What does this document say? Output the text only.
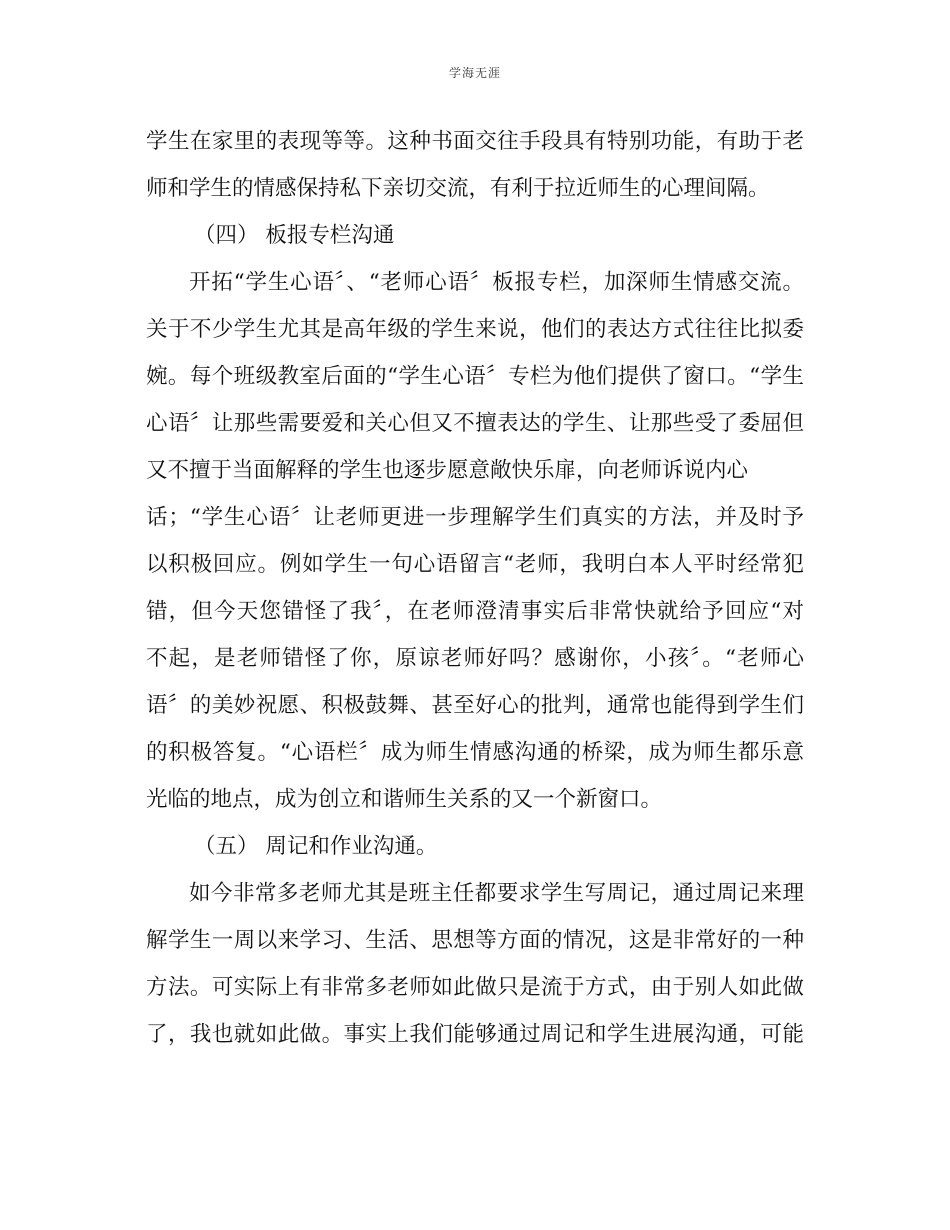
学海无涯
学生在家里的表现等等。这种书面交往手段具有特别功能，有助于老
师和学生的情感保持私下亲切交流，有利于拉近师生的心理间隔。
（四） 板报专栏沟通
开拓“学生心语〞、“老师心语〞板报专栏，加深师生情感交流。
关于不少学生尤其是高年级的学生来说，他们的表达方式往往比拟委
婉。每个班级教室后面的“学生心语〞专栏为他们提供了窗口。“学生
心语〞让那些需要爱和关心但又不擅表达的学生、让那些受了委屈但
又不擅于当面解释的学生也逐步愿意敞快乐扉，向老师诉说内心
话；“学生心语〞让老师更进一步理解学生们真实的方法，并及时予
以积极回应。例如学生一句心语留言“老师，我明白本人平时经常犯
错，但今天您错怪了我〞，在老师澄清事实后非常快就给予回应“对
不起，是老师错怪了你，原谅老师好吗？感谢你，小孩〞。“老师心
语〞的美妙祝愿、积极鼓舞、甚至好心的批判，通常也能得到学生们
的积极答复。“心语栏〞成为师生情感沟通的桥梁，成为师生都乐意
光临的地点，成为创立和谐师生关系的又一个新窗口。
（五） 周记和作业沟通。
如今非常多老师尤其是班主任都要求学生写周记，通过周记来理
解学生一周以来学习、生活、思想等方面的情况，这是非常好的一种
方法。可实际上有非常多老师如此做只是流于方式，由于别人如此做
了，我也就如此做。事实上我们能够通过周记和学生进展沟通，可能
